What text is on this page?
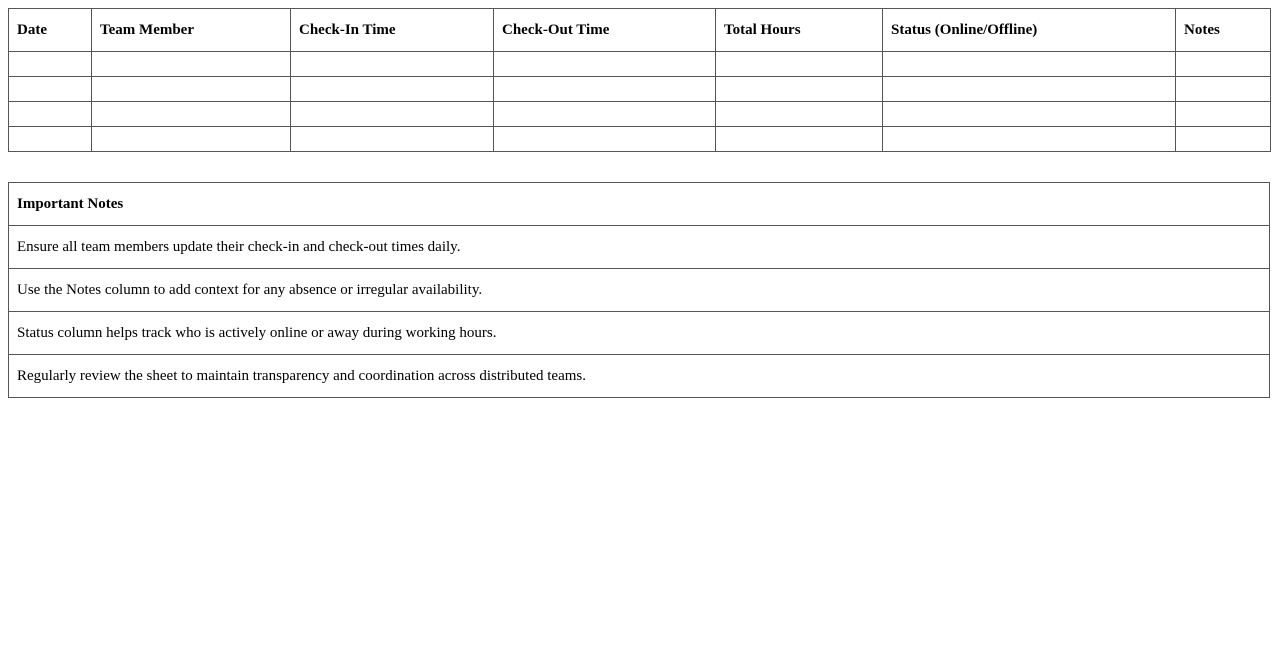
Date	Team Member	Check-In Time	Check-Out Time	Total Hours	Status (Online/Offline)	Notes

Important Notes
Ensure all team members update their check-in and check-out times daily.
Use the Notes column to add context for any absence or irregular availability.
Status column helps track who is actively online or away during working hours.
Regularly review the sheet to maintain transparency and coordination across distributed teams.
